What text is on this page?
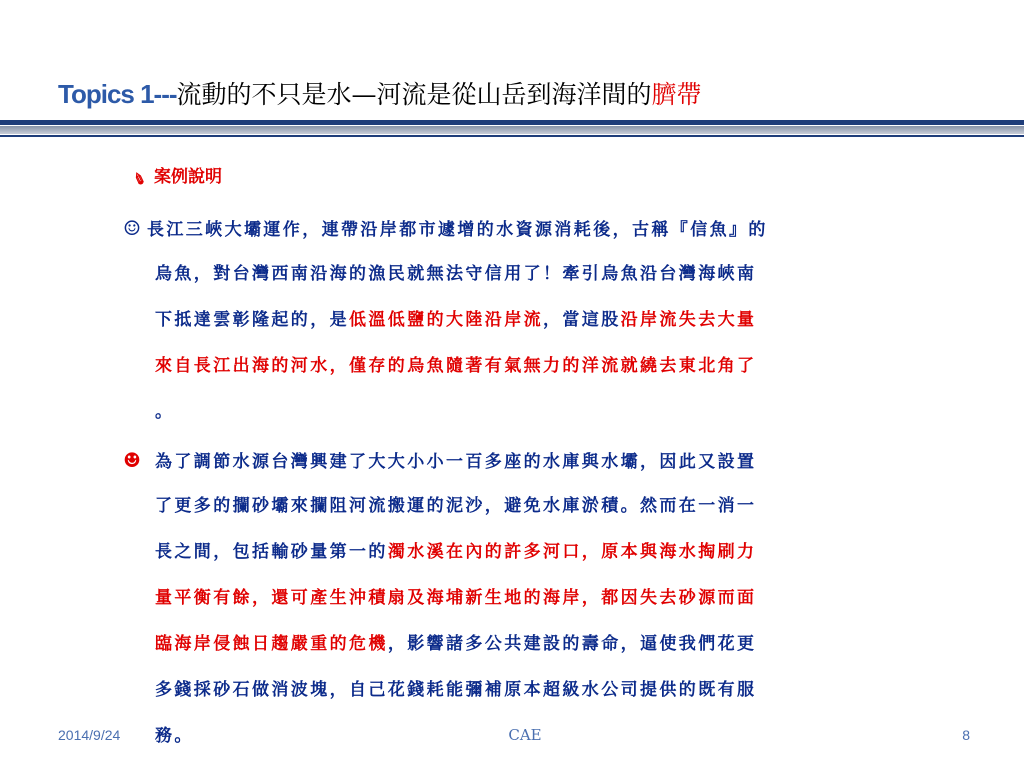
Topics 1---流動的不只是水—河流是從山岳到海洋間的臍帶
✎ 案例說明
☺ 長江三峽大壩運作，連帶沿岸都市遽增的水資源消耗後，古稱『信魚』的
烏魚，對台灣西南沿海的漁民就無法守信用了！牽引烏魚沿台灣海峽南
下抵達雲彰隆起的，是低溫低鹽的大陸沿岸流，當這股沿岸流失去大量
來自長江出海的河水，僅存的烏魚隨著有氣無力的洋流就繞去東北角了
。
☻ 為了調節水源台灣興建了大大小小一百多座的水庫與水壩，因此又設置
了更多的攔砂壩來攔阻河流搬運的泥沙，避免水庫淤積。然而在一消一
長之間，包括輸砂量第一的濁水溪在內的許多河口，原本與海水掏刷力
量平衡有餘，還可產生沖積扇及海埔新生地的海岸，都因失去砂源而面
臨海岸侵蝕日趨嚴重的危機，影響諸多公共建設的壽命，逼使我們花更
多錢採砂石做消波塊，自己花錢耗能彌補原本超級水公司提供的既有服
務。
2014/9/24	CAE	8
